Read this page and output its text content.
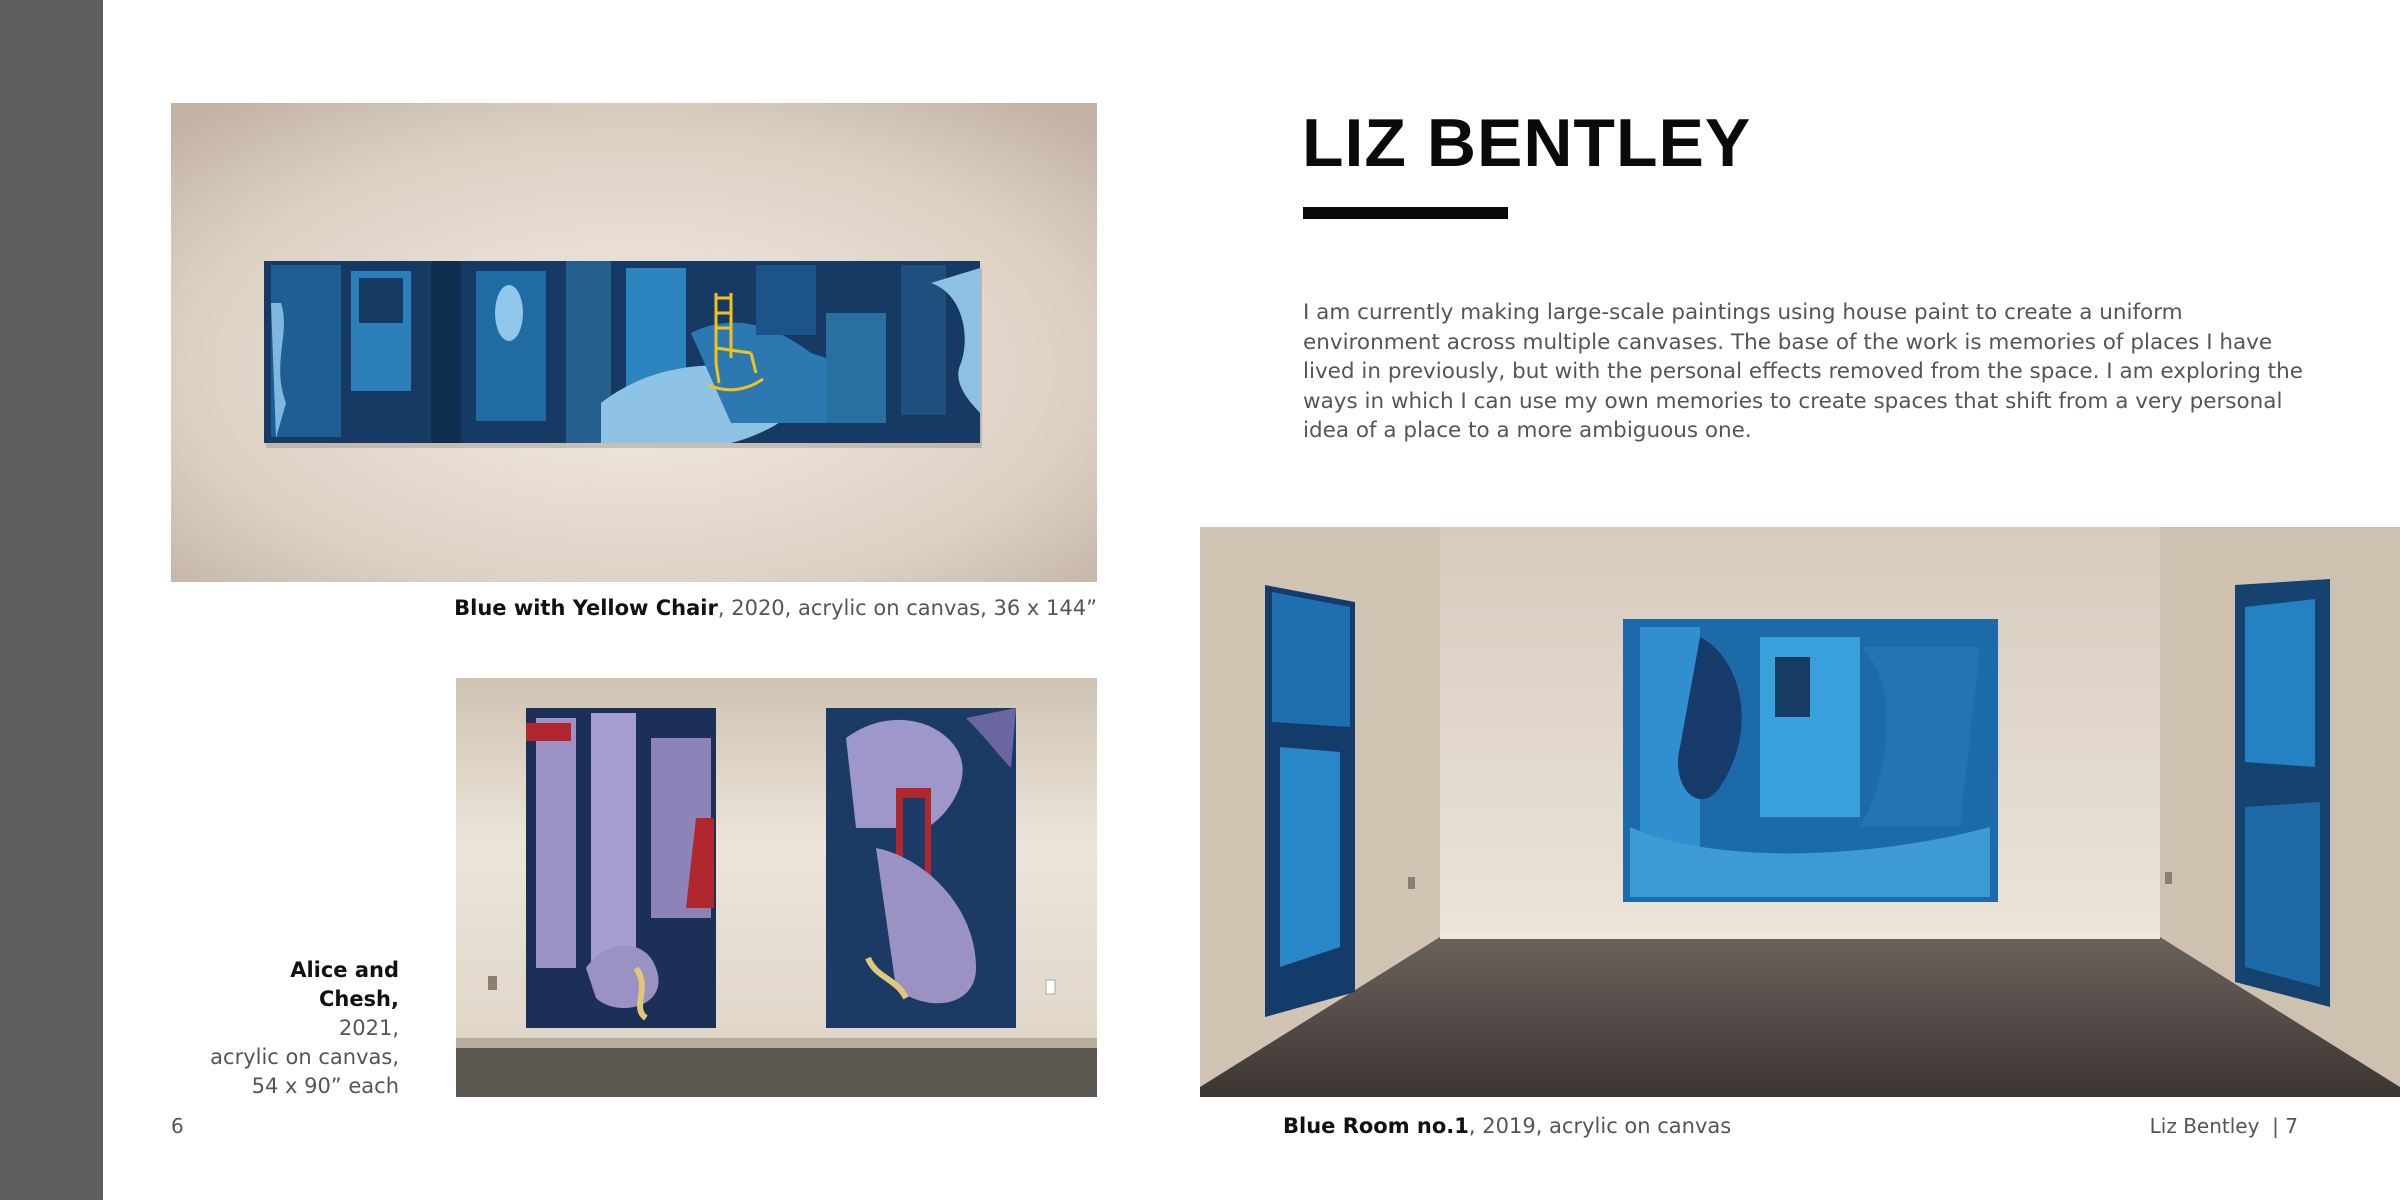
Blue with Yellow Chair, 2020, acrylic on canvas, 36 x 144”
Alice and
Chesh,
2021,
acrylic on canvas,
54 x 90” each
LIZ BENTLEY
I am currently making large-scale paintings using house paint to create a uniform environment across multiple canvases. The base of the work is memories of places I have lived in previously, but with the personal effects removed from the space. I am exploring the ways in which I can use my own memories to create spaces that shift from a very personal idea of a place to a more ambiguous one.
Blue Room no.1, 2019, acrylic on canvas
6	Liz Bentley  | 7
